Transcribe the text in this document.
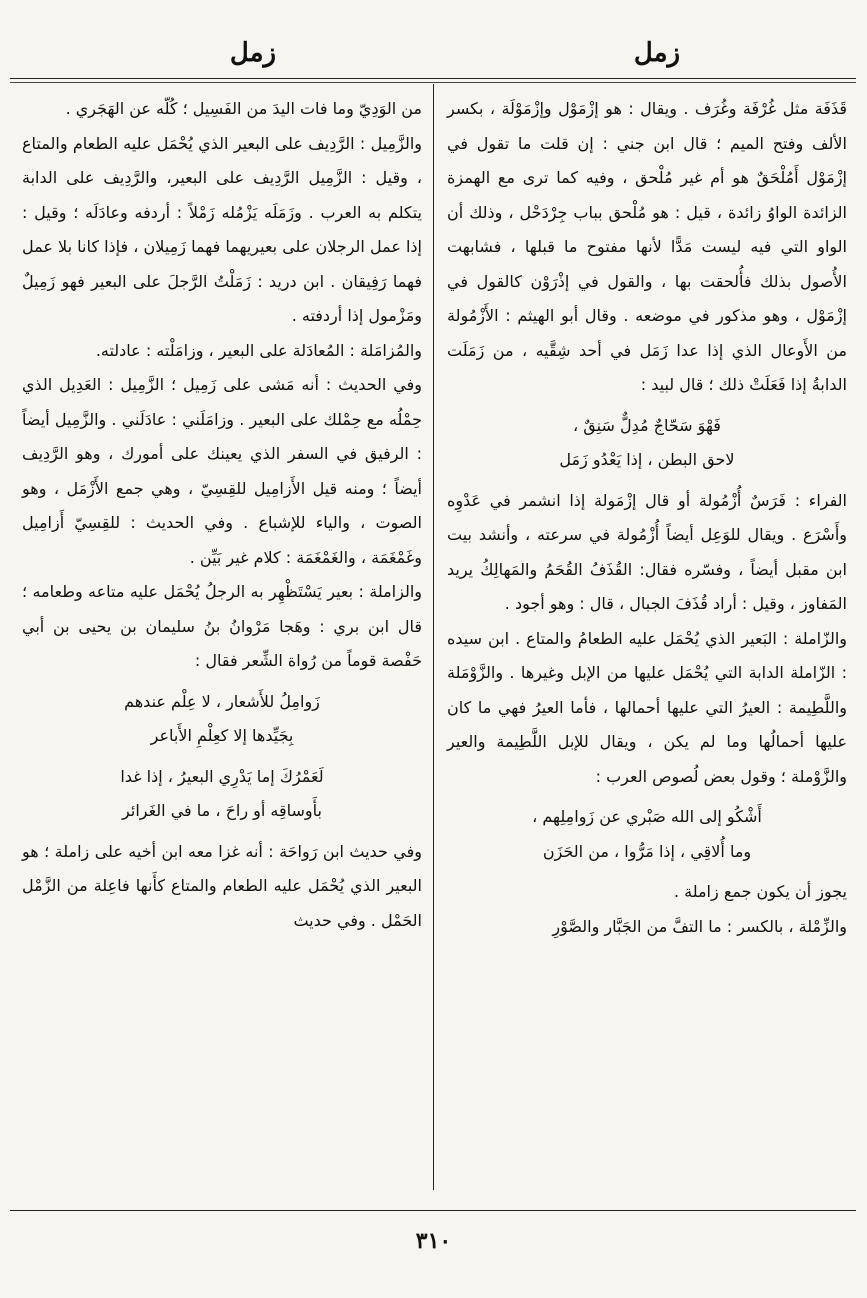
زمل
زمل

قَذَفَة مثل غُرْفَة وغُرَف . ويقال : هو إزْمَوْل وإزْمَوْلَة ، بكسر الألف وفتح الميم ؛ قال ابن جني : إن قلت ما تقول في إزْمَوْل أَمُلْحَقٌ هو أم غير مُلْحق ، وفيه كما ترى مع الهمزة الزائدة الواوُ زائدة ، قيل : هو مُلْحق بباب جِرْدَحْل ، وذلك أن الواو التي فيه ليست مَدًّا لأنها مفتوح ما قبلها ، فشابهت الأُصول بذلك فأُلحقت بها ، والقول في إذْرَوْن كالقول في إزْمَوْل ، وهو مذكور في موضعه . وقال أبو الهيثم : الأَزْمُولة من الأَوعال الذي إذا عدا زَمَل في أحد شِقَّيه ، من زَمَلَت الدابةُ إذا فَعَلَتْ ذلك ؛ قال لبيد :

فَهْوَ سَحّاجٌ مُدِلٌّ سَنِقٌ ،

لاحق البطن ، إذا يَعْدُو زَمَل

الفراء : فَرَسٌ أُزْمُولة أو قال إزْمَولة إذا انشمر في عَدْوِه وأَسْرَع . ويقال للوَعِل أيضاً أُزْمُولة في سرعته ، وأنشد بيت ابن مقبل أيضاً ، وفسّره فقال: القُذَفُ القُحَمُ والمَهالِكُ يريد المَفاوز ، وقيل : أراد قُذَفَ الجبال ، قال : وهو أجود .

والزّاملة : البَعير الذي يُحْمَل عليه الطعامُ والمتاع . ابن سيده : الزّاملة الدابة التي يُحْمَل عليها من الإبل وغيرها . والزَّوْمَلة واللَّطِيمة : العيرُ التي عليها أحمالها ، فأما العيرُ فهي ما كان عليها أحمالُها وما لم يكن ، ويقال للإبل اللَّطِيمة والعير والزَّوْملة ؛ وقول بعض لُصوص العرب :

أَشْكُو إلى الله صَبْري عن زَوامِلِهم ،

وما أُلاقِي ، إذا مَرُّوا ، من الحَزَن

يجوز أن يكون جمع زاملة .

والزِّمْلة ، بالكسر : ما التفَّ من الجَبَّار والصَّوْرِ

من الوَدِيّ وما فات اليدَ من الفَسِيل ؛ كُلّه عن الهَجَري .

والزَّمِيل : الرَّدِيف على البعير الذي يُحْمَل عليه الطعام والمتاع ، وقيل : الزَّمِيل الرَّدِيف على البعير، والرَّدِيف على الدابة يتكلم به العرب . وزَمَلَه يَزْمُله زَمْلاً : أردفه وعادَلَه ؛ وقيل : إذا عمل الرجلان على بعيريهما فهما زَمِيلان ، فإذا كانا بلا عمل فهما رَفِيقان . ابن دريد : زَمَلْتُ الرَّجلَ على البعير فهو زَمِيلٌ ومَزْمول إذا أردفته .

والمُزامَلة : المُعادَلة على البعير ، وزامَلْته : عادلته.

وفي الحديث : أنه مَشى على زَمِيل ؛ الزَّمِيل : العَدِيل الذي حِمْلُه مع حِمْلك على البعير . وزامَلَني : عادَلَني . والزَّمِيل أيضاً : الرفيق في السفر الذي يعينك على أمورك ، وهو الرَّدِيف أيضاً ؛ ومنه قيل الأَزامِيل للقِسِيّ ، وهي جمع الأَزْمَل ، وهو الصوت ، والياء للإشباع . وفي الحديث : للقِسِيّ أَزامِيل وغَمْغَمَة ، والغَمْغَمَة : كلام غير بَيِّن .

والزاملة : بعير يَسْتَظْهِر به الرجلُ يُحْمَل عليه متاعه وطعامه ؛ قال ابن بري : وهَجا مَرْوانُ بنُ سليمان بن يحيى بن أبي حَفْصة قوماً من رُواة الشِّعر فقال :

زَوامِلُ للأَشعار ، لا عِلْم عندهم

بِجَيِّدها إلا كعِلْمِ الأَباعر

لَعَمْرُكَ إما يَدْرِي البعيرُ ، إذا غدا

بأَوساقِه أو راحَ ، ما في الغَرائر

وفي حديث ابن رَواحَة : أنه غزا معه ابن أخيه على زاملة ؛ هو البعير الذي يُحْمَل عليه الطعام والمتاع كأَنها فاعِلة من الزَّمْل الحَمْل . وفي حديث

٣١٠
